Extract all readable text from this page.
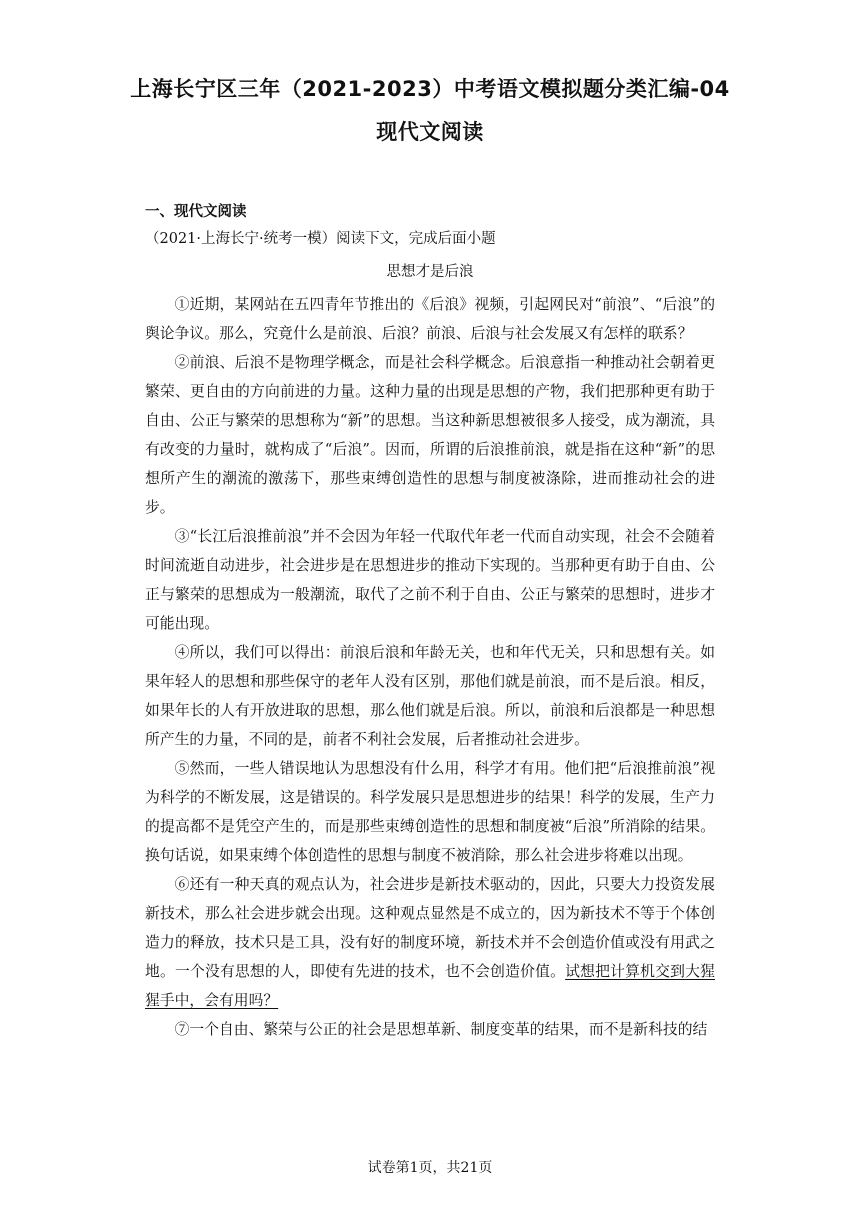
上海长宁区三年（2021-2023）中考语文模拟题分类汇编-04
现代文阅读
一、现代文阅读
（2021·上海长宁·统考一模）阅读下文，完成后面小题
思想才是后浪

①近期，某网站在五四青年节推出的《后浪》视频，引起网民对“前浪”、“后浪”的舆论争议。那么，究竟什么是前浪、后浪？前浪、后浪与社会发展又有怎样的联系？

②前浪、后浪不是物理学概念，而是社会科学概念。后浪意指一种推动社会朝着更繁荣、更自由的方向前进的力量。这种力量的出现是思想的产物，我们把那种更有助于自由、公正与繁荣的思想称为“新”的思想。当这种新思想被很多人接受，成为潮流，具有改变的力量时，就构成了“后浪”。因而，所谓的后浪推前浪，就是指在这种“新”的思想所产生的潮流的激荡下，那些束缚创造性的思想与制度被涤除，进而推动社会的进步。

③“长江后浪推前浪”并不会因为年轻一代取代年老一代而自动实现，社会不会随着时间流逝自动进步，社会进步是在思想进步的推动下实现的。当那种更有助于自由、公正与繁荣的思想成为一般潮流，取代了之前不利于自由、公正与繁荣的思想时，进步才可能出现。

④所以，我们可以得出：前浪后浪和年龄无关，也和年代无关，只和思想有关。如果年轻人的思想和那些保守的老年人没有区别，那他们就是前浪，而不是后浪。相反，如果年长的人有开放进取的思想，那么他们就是后浪。所以，前浪和后浪都是一种思想所产生的力量，不同的是，前者不利社会发展，后者推动社会进步。

⑤然而，一些人错误地认为思想没有什么用，科学才有用。他们把“后浪推前浪”视为科学的不断发展，这是错误的。科学发展只是思想进步的结果！科学的发展，生产力的提高都不是凭空产生的，而是那些束缚创造性的思想和制度被“后浪”所消除的结果。换句话说，如果束缚个体创造性的思想与制度不被消除，那么社会进步将难以出现。

⑥还有一种天真的观点认为，社会进步是新技术驱动的，因此，只要大力投资发展新技术，那么社会进步就会出现。这种观点显然是不成立的，因为新技术不等于个体创造力的释放，技术只是工具，没有好的制度环境，新技术并不会创造价值或没有用武之地。一个没有思想的人，即使有先进的技术，也不会创造价值。试想把计算机交到大猩猩手中，会有用吗？

⑦一个自由、繁荣与公正的社会是思想革新、制度变革的结果，而不是新科技的结

试卷第1页，共21页
